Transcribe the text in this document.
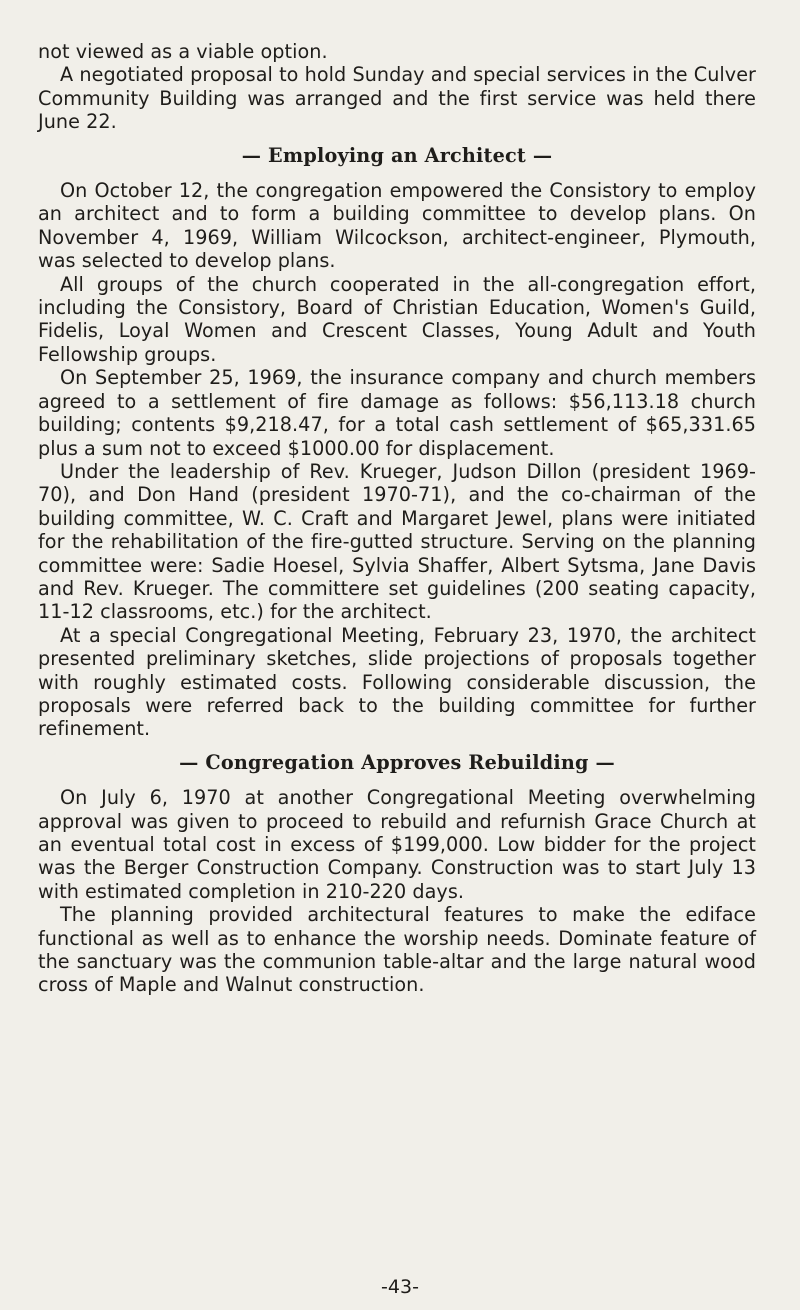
not viewed as a viable option.

A negotiated proposal to hold Sunday and special services in the Culver Community Building was arranged and the first service was held there June 22.

— Employing an Architect —

On October 12, the congregation empowered the Consistory to employ an architect and to form a building committee to develop plans. On November 4, 1969, William Wilcockson, architect-engineer, Plymouth, was selected to develop plans.

All groups of the church cooperated in the all-congregation effort, including the Consistory, Board of Christian Education, Women's Guild, Fidelis, Loyal Women and Crescent Classes, Young Adult and Youth Fellowship groups.

On September 25, 1969, the insurance company and church members agreed to a settlement of fire damage as follows: $56,113.18 church building; contents $9,218.47, for a total cash settlement of $65,331.65 plus a sum not to exceed $1000.00 for displacement.

Under the leadership of Rev. Krueger, Judson Dillon (president 1969-70), and Don Hand (president 1970-71), and the co-chairman of the building committee, W. C. Craft and Margaret Jewel, plans were initiated for the rehabilitation of the fire-gutted structure. Serving on the planning committee were: Sadie Hoesel, Sylvia Shaffer, Albert Sytsma, Jane Davis and Rev. Krueger. The committere set guidelines (200 seating capacity, 11-12 classrooms, etc.) for the architect.

At a special Congregational Meeting, February 23, 1970, the architect presented preliminary sketches, slide projections of proposals together with roughly estimated costs. Following considerable discussion, the proposals were referred back to the building committee for further refinement.

— Congregation Approves Rebuilding —

On July 6, 1970 at another Congregational Meeting overwhelming approval was given to proceed to rebuild and refurnish Grace Church at an eventual total cost in excess of $199,000. Low bidder for the project was the Berger Construction Company. Construction was to start July 13 with estimated completion in 210-220 days.

The planning provided architectural features to make the ediface functional as well as to enhance the worship needs. Dominate feature of the sanctuary was the communion table-altar and the large natural wood cross of Maple and Walnut construction.

-43-
